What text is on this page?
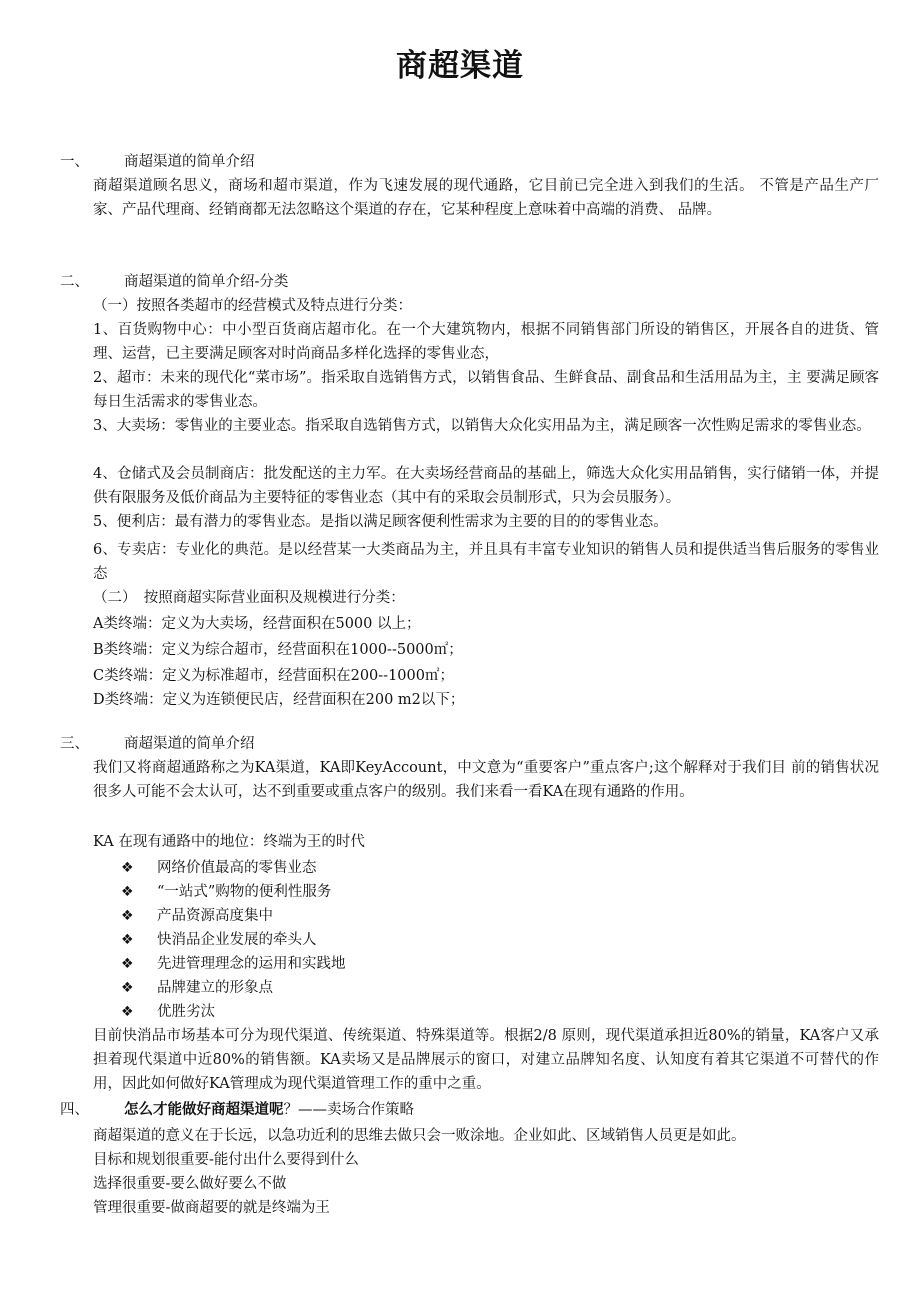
商超渠道
一、 商超渠道的简单介绍
商超渠道顾名思义，商场和超市渠道，作为飞速发展的现代通路，它目前已完全进入到我们的生活。 不管是产品生产厂家、产品代理商、经销商都无法忽略这个渠道的存在，它某种程度上意味着中高端的消费、 品牌。
二、 商超渠道的简单介绍-分类
（一）按照各类超市的经营模式及特点进行分类：
1、百货购物中心：中小型百货商店超市化。在一个大建筑物内，根据不同销售部门所设的销售区，开展各自的进货、管理、运营，已主要满足顾客对时尚商品多样化选择的零售业态，
2、超市：未来的现代化“菜市场”。指采取自选销售方式，以销售食品、生鲜食品、副食品和生活用品为主，主 要满足顾客每日生活需求的零售业态。
3、大卖场：零售业的主要业态。指采取自选销售方式，以销售大众化实用品为主，满足顾客一次性购足需求的零售业态。
4、仓储式及会员制商店：批发配送的主力军。在大卖场经营商品的基础上，筛选大众化实用品销售，实行储销一体，并提供有限服务及低价商品为主要特征的零售业态（其中有的采取会员制形式，只为会员服务）。
5、便利店：最有潜力的零售业态。是指以满足顾客便利性需求为主要的目的的零售业态。
6、专卖店：专业化的典范。是以经营某一大类商品为主，并且具有丰富专业知识的销售人员和提供适当售后服务的零售业态
（二）　按照商超实际营业面积及规模进行分类：
A类终端：定义为大卖场，经营面积在5000 以上；
B类终端：定义为综合超市，经营面积在1000--5000㎡；
C类终端：定义为标准超市，经营面积在200--1000㎡；
D类终端：定义为连锁便民店，经营面积在200 m2以下；
三、 商超渠道的简单介绍
我们又将商超通路称之为KA渠道，KA即KeyAccount，中文意为“重要客户”重点客户;这个解释对于我们目 前的销售状况很多人可能不会太认可，达不到重要或重点客户的级别。我们来看一看KA在现有通路的作用。
KA 在现有通路中的地位：终端为王的时代
❖ 网络价值最高的零售业态
❖ “一站式”购物的便利性服务
❖ 产品资源高度集中
❖ 快消品企业发展的牵头人
❖ 先进管理理念的运用和实践地
❖ 品牌建立的形象点
❖ 优胜劣汰
目前快消品市场基本可分为现代渠道、传统渠道、特殊渠道等。根据2/8 原则，现代渠道承担近80%的销量，KA客户又承担着现代渠道中近80%的销售额。KA卖场又是品牌展示的窗口，对建立品牌知名度、认知度有着其它渠道不可替代的作用，因此如何做好KA管理成为现代渠道管理工作的重中之重。
四、 怎么才能做好商超渠道呢？——卖场合作策略
商超渠道的意义在于长远，以急功近利的思维去做只会一败涂地。企业如此、区域销售人员更是如此。
目标和规划很重要-能付出什么要得到什么
选择很重要-要么做好要么不做
管理很重要-做商超要的就是终端为王
